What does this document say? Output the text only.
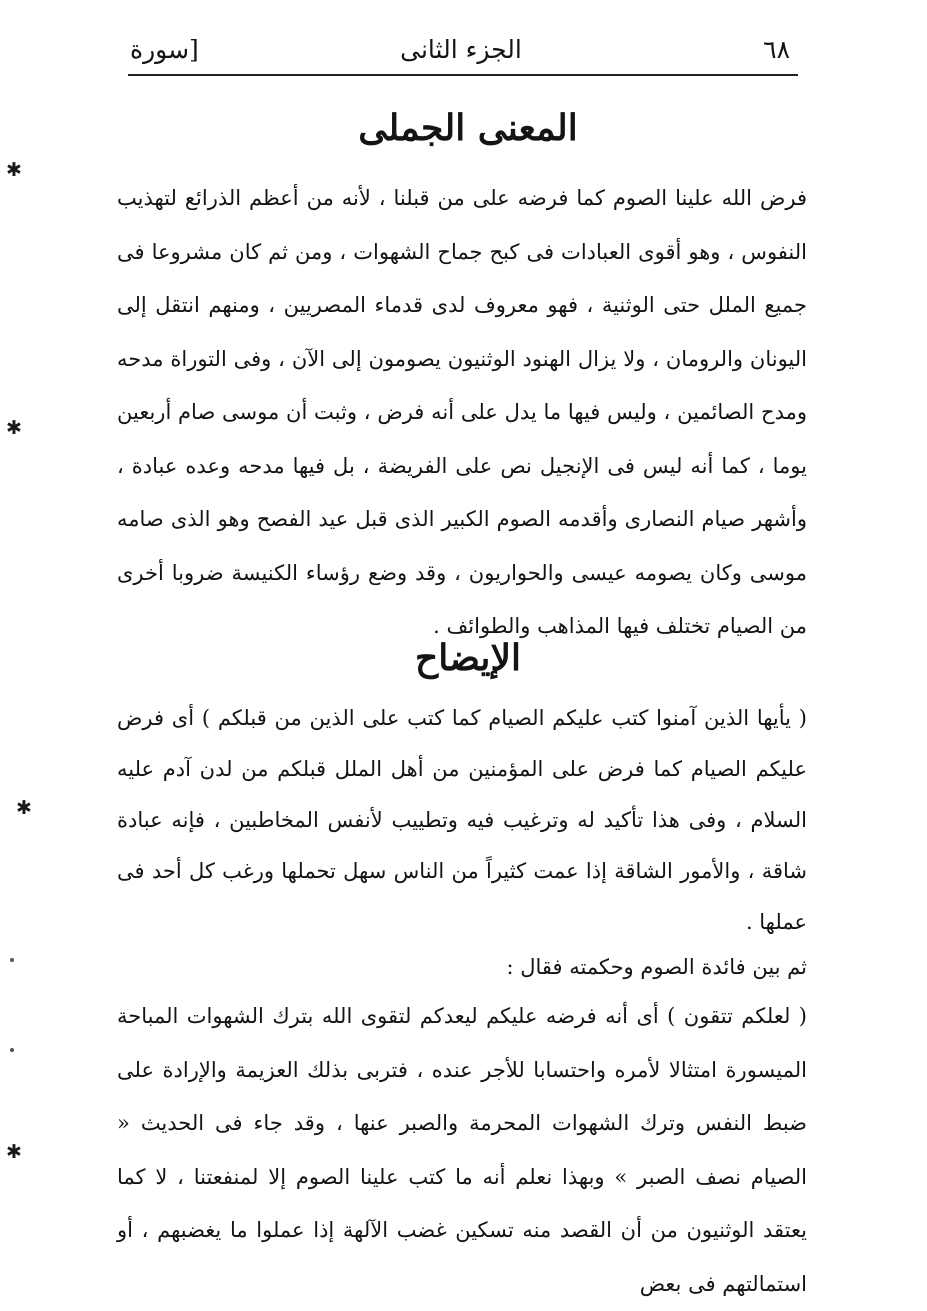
٦٨
الجزء الثانى
[سورة
المعنى الجملى
فرض الله علينا الصوم كما فرضه على من قبلنا ، لأنه من أعظم الذرائع لتهذيب النفوس ، وهو أقوى العبادات فى كبح جماح الشهوات ، ومن ثم كان مشروعا فى جميع الملل حتى الوثنية ، فهو معروف لدى قدماء المصريين ، ومنهم انتقل إلى اليونان والرومان ، ولا يزال الهنود الوثنيون يصومون إلى الآن ، وفى التوراة مدحه ومدح الصائمين ، وليس فيها ما يدل على أنه فرض ، وثبت أن موسى صام أربعين يوما ، كما أنه ليس فى الإنجيل نص على الفريضة ، بل فيها مدحه وعده عبادة ، وأشهر صيام النصارى وأقدمه الصوم الكبير الذى قبل عيد الفصح وهو الذى صامه موسى وكان يصومه عيسى والحواريون ، وقد وضع رؤساء الكنيسة ضروبا أخرى من الصيام تختلف فيها المذاهب والطوائف .
الإيضاح
( يأيها الذين آمنوا كتب عليكم الصيام كما كتب على الذين من قبلكم ) أى فرض عليكم الصيام كما فرض على المؤمنين من أهل الملل قبلكم من لدن آدم عليه السلام ، وفى هذا تأكيد له وترغيب فيه وتطييب لأنفس المخاطبين ، فإنه عبادة شاقة ، والأمور الشاقة إذا عمت كثيراً من الناس سهل تحملها ورغب كل أحد فى عملها .
ثم بين فائدة الصوم وحكمته فقال :
( لعلكم تتقون ) أى أنه فرضه عليكم ليعدكم لتقوى الله بترك الشهوات المباحة الميسورة امتثالا لأمره واحتسابا للأجر عنده ، فتربى بذلك العزيمة والإرادة على ضبط النفس وترك الشهوات المحرمة والصبر عنها ، وقد جاء فى الحديث « الصيام نصف الصبر » وبهذا نعلم أنه ما كتب علينا الصوم إلا لمنفعتنا ، لا كما يعتقد الوثنيون من أن القصد منه تسكين غضب الآلهة إذا عملوا ما يغضبهم ، أو استمالتهم فى بعض
✱
✱
✱
✱
